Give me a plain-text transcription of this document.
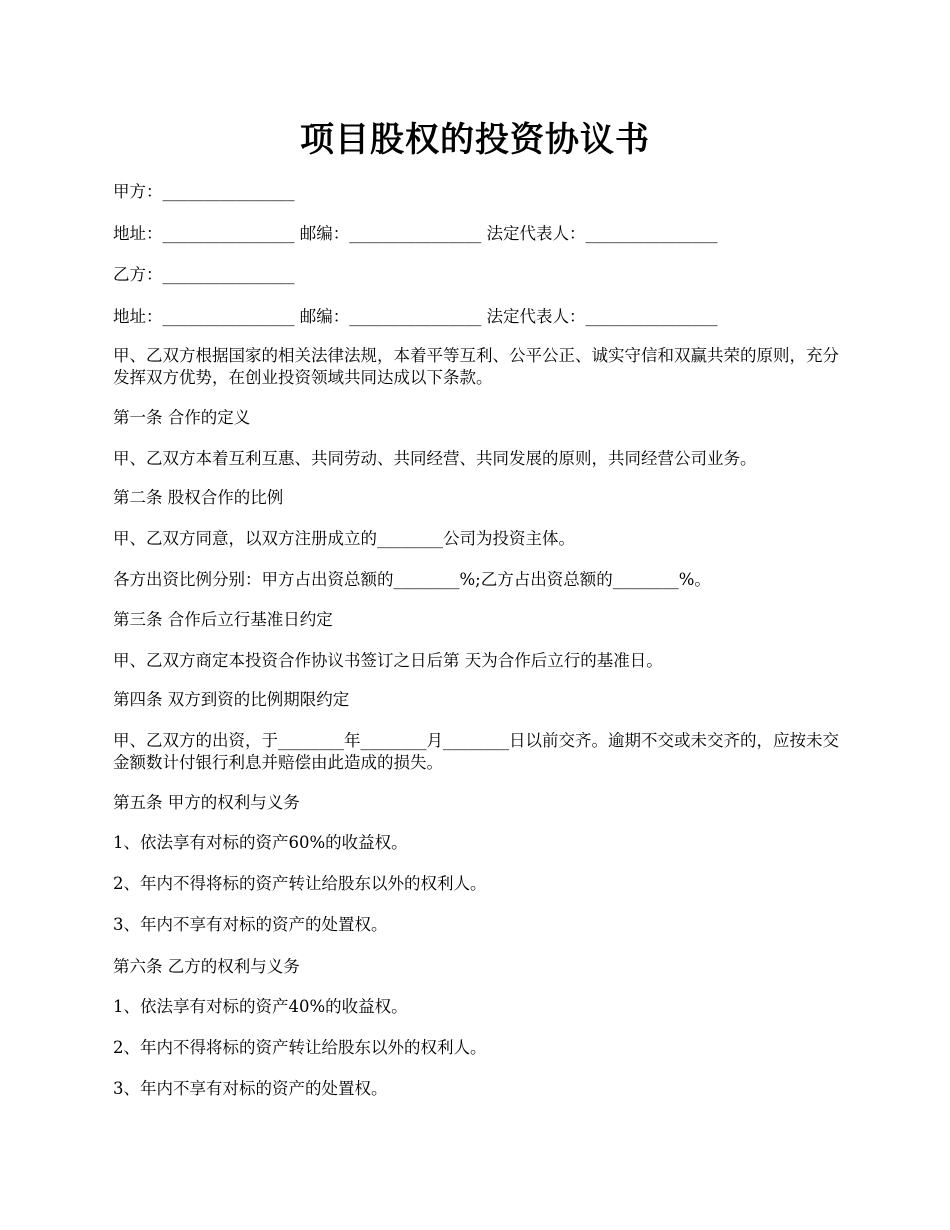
项目股权的投资协议书

甲方：________________

地址：________________ 邮编：________________ 法定代表人：________________

乙方：________________

地址：________________ 邮编：________________ 法定代表人：________________

甲、乙双方根据国家的相关法律法规，本着平等互利、公平公正、诚实守信和双赢共荣的原则，充分发挥双方优势，在创业投资领域共同达成以下条款。

第一条 合作的定义

甲、乙双方本着互利互惠、共同劳动、共同经营、共同发展的原则，共同经营公司业务。

第二条 股权合作的比例

甲、乙双方同意，以双方注册成立的________公司为投资主体。

各方出资比例分别：甲方占出资总额的________%;乙方占出资总额的________%。

第三条 合作后立行基准日约定

甲、乙双方商定本投资合作协议书签订之日后第 天为合作后立行的基准日。

第四条 双方到资的比例期限约定

甲、乙双方的出资，于________年________月________日以前交齐。逾期不交或未交齐的，应按未交金额数计付银行利息并赔偿由此造成的损失。

第五条 甲方的权利与义务

1、依法享有对标的资产60%的收益权。

2、年内不得将标的资产转让给股东以外的权利人。

3、年内不享有对标的资产的处置权。

第六条 乙方的权利与义务

1、依法享有对标的资产40%的收益权。

2、年内不得将标的资产转让给股东以外的权利人。

3、年内不享有对标的资产的处置权。
